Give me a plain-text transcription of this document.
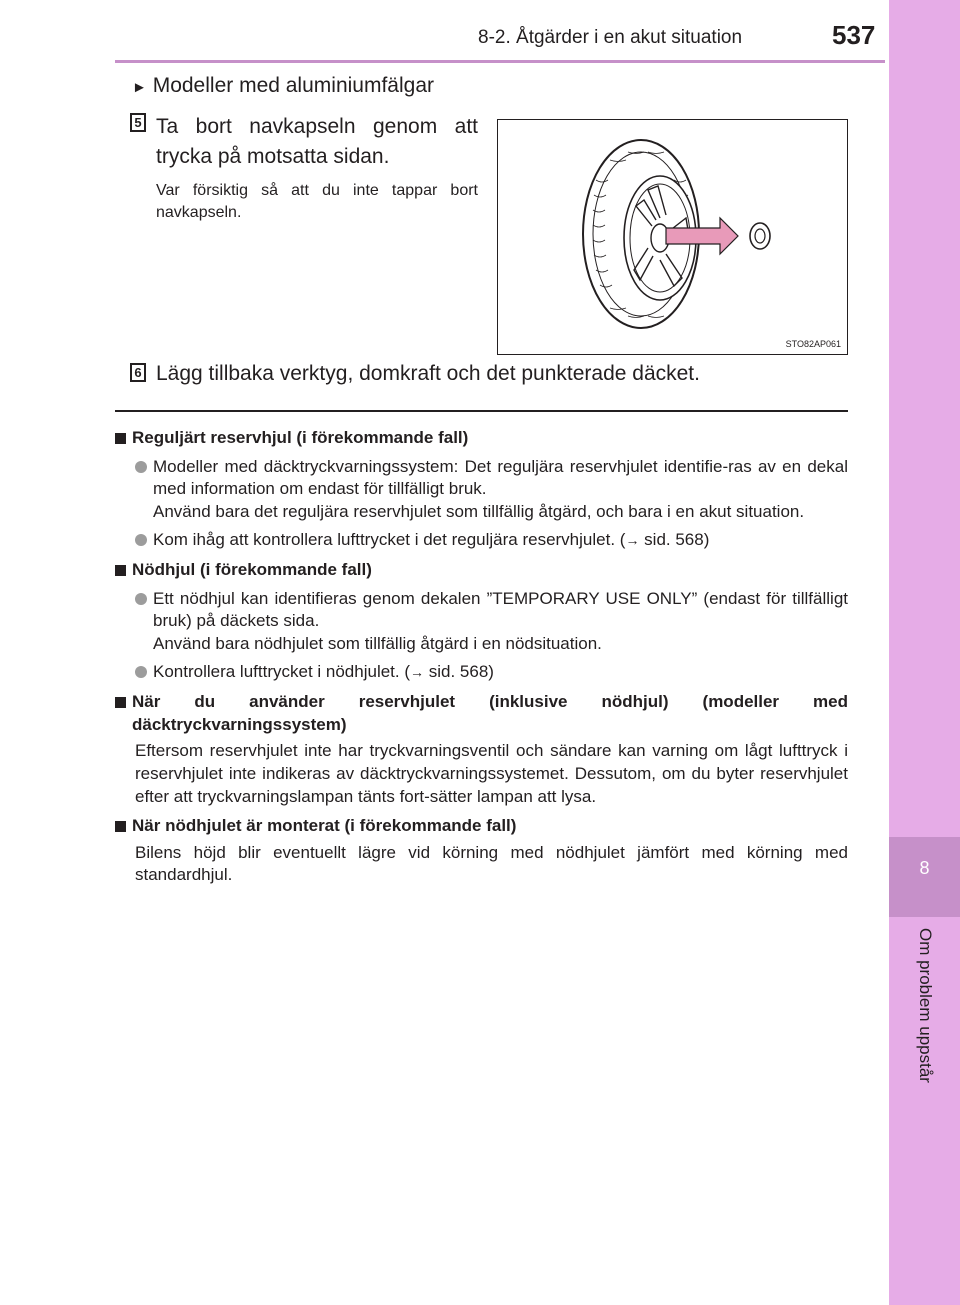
8-2. Åtgärder i en akut situation	537
8
Om problem uppstår
► Modeller med aluminiumfälgar
5 Ta bort navkapseln genom att trycka på motsatta sidan.
Var försiktig så att du inte tappar bort navkapseln.
STO82AP061
6 Lägg tillbaka verktyg, domkraft och det punkterade däcket.
Reguljärt reservhjul (i förekommande fall)

Modeller med däcktryckvarningssystem: Det reguljära reservhjulet identifie-ras av en dekal med information om endast för tillfälligt bruk.

Använd bara det reguljära reservhjulet som tillfällig åtgärd, och bara i en akut situation.

Kom ihåg att kontrollera lufttrycket i det reguljära reservhjulet. (→ sid. 568)
Nödhjul (i förekommande fall)

Ett nödhjul kan identifieras genom dekalen ”TEMPORARY USE ONLY” (endast för tillfälligt bruk) på däckets sida.

Använd bara nödhjulet som tillfällig åtgärd i en nödsituation.

Kontrollera lufttrycket i nödhjulet. (→ sid. 568)
När du använder reservhjulet (inklusive nödhjul) (modeller med däcktryckvarningssystem)
Eftersom reservhjulet inte har tryckvarningsventil och sändare kan varning om lågt lufttryck i reservhjulet inte indikeras av däcktryckvarningssystemet. Dessutom, om du byter reservhjulet efter att tryckvarningslampan tänts fort-sätter lampan att lysa.
När nödhjulet är monterat (i förekommande fall)
Bilens höjd blir eventuellt lägre vid körning med nödhjulet jämfört med körning med standardhjul.
